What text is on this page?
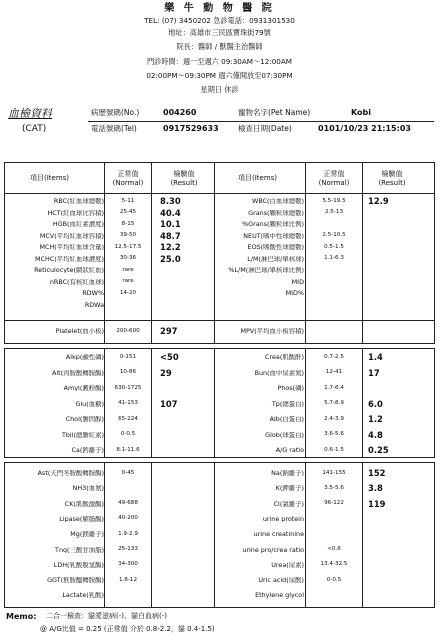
樂 牛 動 物 醫 院
TEL: (07) 3450202 急診電話：0931301530
地址：高雄市三民區寶珠街79號
院長：醫師 / 獸醫主治醫師
門診時間：週一至週六 09:30AM～12:00AM
02:00PM～09:30PM 週六僅開放至07:30PM
星期日 休診
血檢資料
(CAT)
病歷號碼(No.)	004260	寵物名字(Pet Name)	Kobi
電話號碼(Tel)	0917529633	檢查日期(Date)	0101/10/23 21:15:03
項目(Items)	正常值
(Normal)
檢驗值
(Result)
項目(Items)	正常值
(Normal)
檢驗值
(Result)
RBC(紅血球總數)	5-11	8.30
HCT(紅血球比容積)	25-45	40.4
HGB(血紅素濃度)	8-15	10.1
MCV(平均紅血球容積)	39-50	48.7
MCH(平均紅血球含量)	12.5-17.5	12.2
MCHC(平均紅血球濃度)	30-36	25.0
Reticulocyte(網狀紅血)	rare
nRBC(有核紅血球)	rare
RDW%	14-20
RDWa
Platelet(血小板)	200-600	297
WBC(白血球總數)	5.5-19.5	12.9
Grans(顆粒球總數)	2.5-13
%Grans(顆粒球比例)
NEUT(嗜中性球總數)	2.5-10.5
EOS(嗜酸性球總數)	0.5-1.5
L/M(淋巴球/單核球)	1.1-6.3
%L/M(淋巴球/單核球比例)
MID
MID%
MPV(平均血小板容積)
Alkp(鹼性磷)	0-151	<50
Alt(丙胺酸轉胺酶)	10-86	29
Amyl(澱粉酶)	630-1725
Glu(血糖)	41-153	107
Chol(膽固醇)	65-224
Tbil(總膽紅素)	0-0.5
Ca(鈣離子)	8.1-11.6
Crea(肌酸酐)	0.7-2.5	1.4
Bun(血中尿素氮)	12-41	17
Phos(磷)	1.7-6.4
Tp(總蛋白)	5.7-8.9	6.0
Alb(白蛋白)	2.4-3.9	1.2
Glob(球蛋白)	3.6-5.6	4.8
A/G ratio	0.6-1.5	0.25
Ast(天門冬胺酸轉胺酶)	0-45
NH3(血氨)
CK(肌酸激酶)	49-688
Lipase(解脂酶)	40-200
Mg(鎂離子)	1.9-2.9
Tng(三酸甘油脂)	25-133
LDH(乳酸脫氫酶)	34-300
GGT(麩胺醯轉胺酶)	1.8-12
Lactate(乳酸)
Na(鈉離子)	141-155	152
K(鉀離子)	3.5-5.6	3.8
Cl(氯離子)	96-122	119
urine protein
urine creatinine
urine pro/crea ratio	<0.6
Urea(尿素)	13.4-32.5
Uric acid(尿酸)	0-0.5
Ethylene glycol
Memo: 二合一檢查：貓愛滋病(-)、貓白血病(-)
@ A/G比值 = 0.25 (正常值 介於 0.8-2.2，貓 0.4-1.5)
